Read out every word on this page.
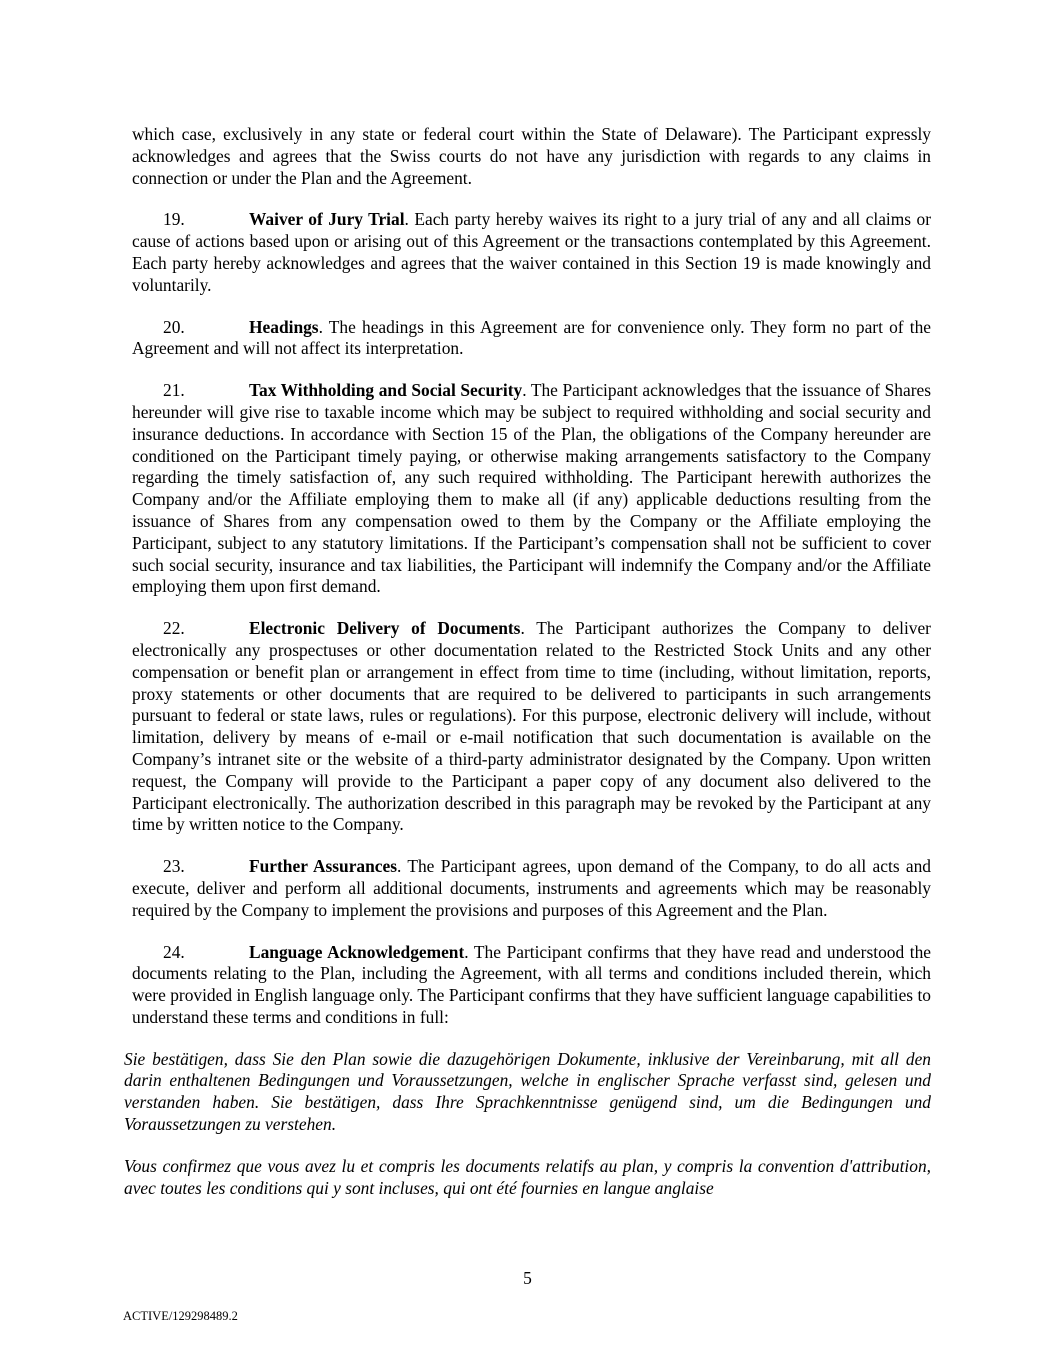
which case, exclusively in any state or federal court within the State of Delaware). The Participant expressly acknowledges and agrees that the Swiss courts do not have any jurisdiction with regards to any claims in connection or under the Plan and the Agreement.

19.	Waiver of Jury Trial. Each party hereby waives its right to a jury trial of any and all claims or cause of actions based upon or arising out of this Agreement or the transactions contemplated by this Agreement. Each party hereby acknowledges and agrees that the waiver contained in this Section 19 is made knowingly and voluntarily.

20.	Headings. The headings in this Agreement are for convenience only. They form no part of the Agreement and will not affect its interpretation.

21.	Tax Withholding and Social Security. The Participant acknowledges that the issuance of Shares hereunder will give rise to taxable income which may be subject to required withholding and social security and insurance deductions. In accordance with Section 15 of the Plan, the obligations of the Company hereunder are conditioned on the Participant timely paying, or otherwise making arrangements satisfactory to the Company regarding the timely satisfaction of, any such required withholding. The Participant herewith authorizes the Company and/or the Affiliate employing them to make all (if any) applicable deductions resulting from the issuance of Shares from any compensation owed to them by the Company or the Affiliate employing the Participant, subject to any statutory limitations. If the Participant’s compensation shall not be sufficient to cover such social security, insurance and tax liabilities, the Participant will indemnify the Company and/or the Affiliate employing them upon first demand.

22.	Electronic Delivery of Documents. The Participant authorizes the Company to deliver electronically any prospectuses or other documentation related to the Restricted Stock Units and any other compensation or benefit plan or arrangement in effect from time to time (including, without limitation, reports, proxy statements or other documents that are required to be delivered to participants in such arrangements pursuant to federal or state laws, rules or regulations). For this purpose, electronic delivery will include, without limitation, delivery by means of e-mail or e-mail notification that such documentation is available on the Company’s intranet site or the website of a third-party administrator designated by the Company. Upon written request, the Company will provide to the Participant a paper copy of any document also delivered to the Participant electronically. The authorization described in this paragraph may be revoked by the Participant at any time by written notice to the Company.

23.	Further Assurances. The Participant agrees, upon demand of the Company, to do all acts and execute, deliver and perform all additional documents, instruments and agreements which may be reasonably required by the Company to implement the provisions and purposes of this Agreement and the Plan.

24.	Language Acknowledgement. The Participant confirms that they have read and understood the documents relating to the Plan, including the Agreement, with all terms and conditions included therein, which were provided in English language only. The Participant confirms that they have sufficient language capabilities to understand these terms and conditions in full:

Sie bestätigen, dass Sie den Plan sowie die dazugehörigen Dokumente, inklusive der Vereinbarung, mit all den darin enthaltenen Bedingungen und Voraussetzungen, welche in englischer Sprache verfasst sind, gelesen und verstanden haben. Sie bestätigen, dass Ihre Sprachkenntnisse genügend sind, um die Bedingungen und Voraussetzungen zu verstehen.

Vous confirmez que vous avez lu et compris les documents relatifs au plan, y compris la convention d'attribution, avec toutes les conditions qui y sont incluses, qui ont été fournies en langue anglaise

5
ACTIVE/129298489.2
